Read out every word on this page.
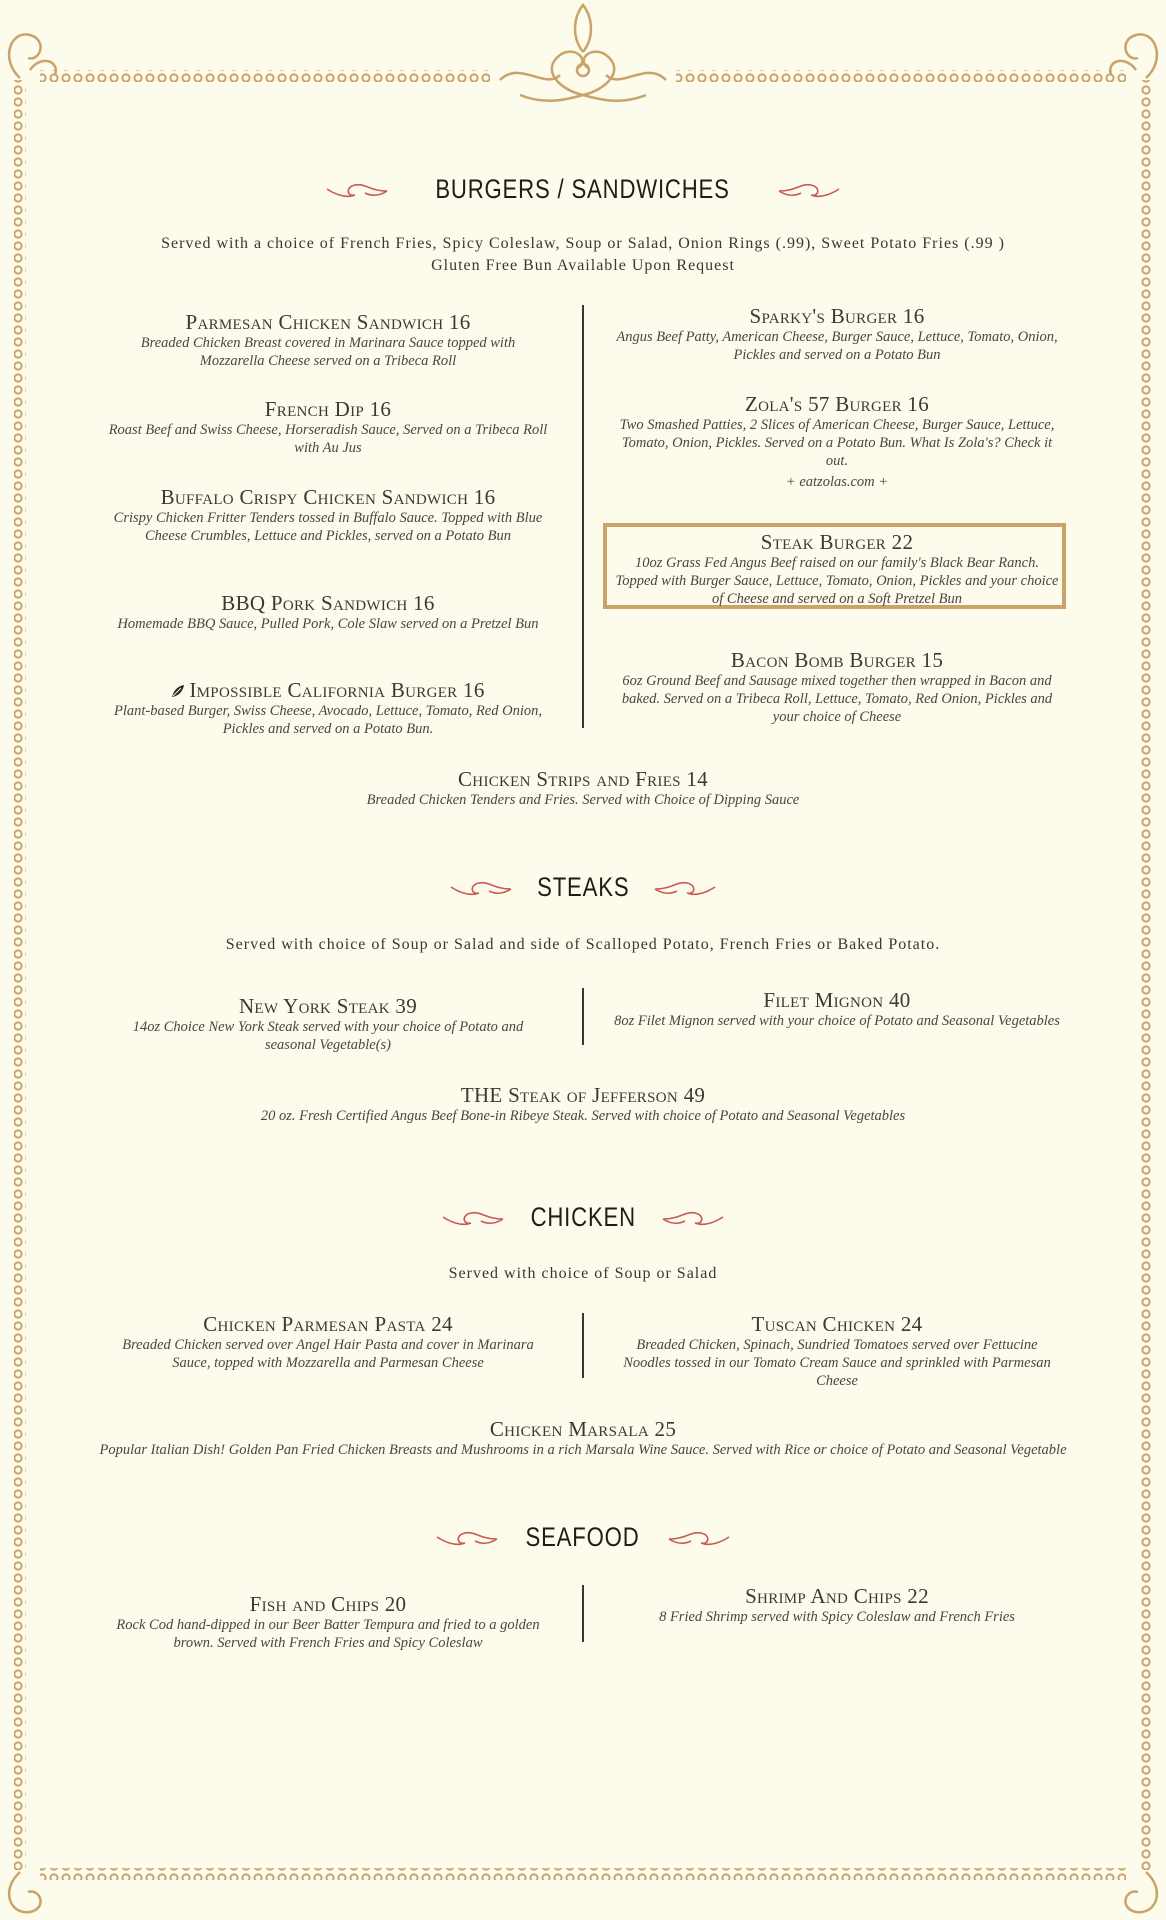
BURGERS / SANDWICHES
Served with a choice of French Fries, Spicy Coleslaw, Soup or Salad, Onion Rings (.99), Sweet Potato Fries (.99 )
Gluten Free Bun Available Upon Request
Parmesan Chicken Sandwich 16
Breaded Chicken Breast covered in Marinara Sauce topped with Mozzarella Cheese served on a Tribeca Roll
French Dip 16
Roast Beef and Swiss Cheese, Horseradish Sauce, Served on a Tribeca Roll with Au Jus
Buffalo Crispy Chicken Sandwich 16
Crispy Chicken Fritter Tenders tossed in Buffalo Sauce. Topped with Blue Cheese Crumbles, Lettuce and Pickles, served on a Potato Bun
BBQ Pork Sandwich 16
Homemade BBQ Sauce, Pulled Pork, Cole Slaw served on a Pretzel Bun
Impossible California Burger 16
Plant-based Burger, Swiss Cheese, Avocado, Lettuce, Tomato, Red Onion, Pickles and served on a Potato Bun.
Sparky's Burger 16
Angus Beef Patty, American Cheese, Burger Sauce, Lettuce, Tomato, Onion, Pickles and served on a Potato Bun
Zola's 57 Burger 16
Two Smashed Patties, 2 Slices of American Cheese, Burger Sauce, Lettuce, Tomato, Onion, Pickles. Served on a Potato Bun. What Is Zola's? Check it out.
+ eatzolas.com +
Steak Burger 22
10oz Grass Fed Angus Beef raised on our family's Black Bear Ranch. Topped with Burger Sauce, Lettuce, Tomato, Onion, Pickles and your choice of Cheese and served on a Soft Pretzel Bun
Bacon Bomb Burger 15
6oz Ground Beef and Sausage mixed together then wrapped in Bacon and baked. Served on a Tribeca Roll, Lettuce, Tomato, Red Onion, Pickles and your choice of Cheese
Chicken Strips and Fries 14
Breaded Chicken Tenders and Fries. Served with Choice of Dipping Sauce
STEAKS
Served with choice of Soup or Salad and side of Scalloped Potato, French Fries or Baked Potato.
New York Steak 39
14oz Choice New York Steak served with your choice of Potato and seasonal Vegetable(s)
Filet Mignon 40
8oz Filet Mignon served with your choice of Potato and Seasonal Vegetables
THE Steak of Jefferson 49
20 oz. Fresh Certified Angus Beef Bone-in Ribeye Steak. Served with choice of Potato and Seasonal Vegetables
CHICKEN
Served with choice of Soup or Salad
Chicken Parmesan Pasta 24
Breaded Chicken served over Angel Hair Pasta and cover in Marinara Sauce, topped with Mozzarella and Parmesan Cheese
Tuscan Chicken 24
Breaded Chicken, Spinach, Sundried Tomatoes served over Fettucine Noodles tossed in our Tomato Cream Sauce and sprinkled with Parmesan Cheese
Chicken Marsala 25
Popular Italian Dish! Golden Pan Fried Chicken Breasts and Mushrooms in a rich Marsala Wine Sauce. Served with Rice or choice of Potato and Seasonal Vegetable
SEAFOOD
Fish and Chips 20
Rock Cod hand-dipped in our Beer Batter Tempura and fried to a golden brown. Served with French Fries and Spicy Coleslaw
Shrimp And Chips 22
8 Fried Shrimp served with Spicy Coleslaw and French Fries
